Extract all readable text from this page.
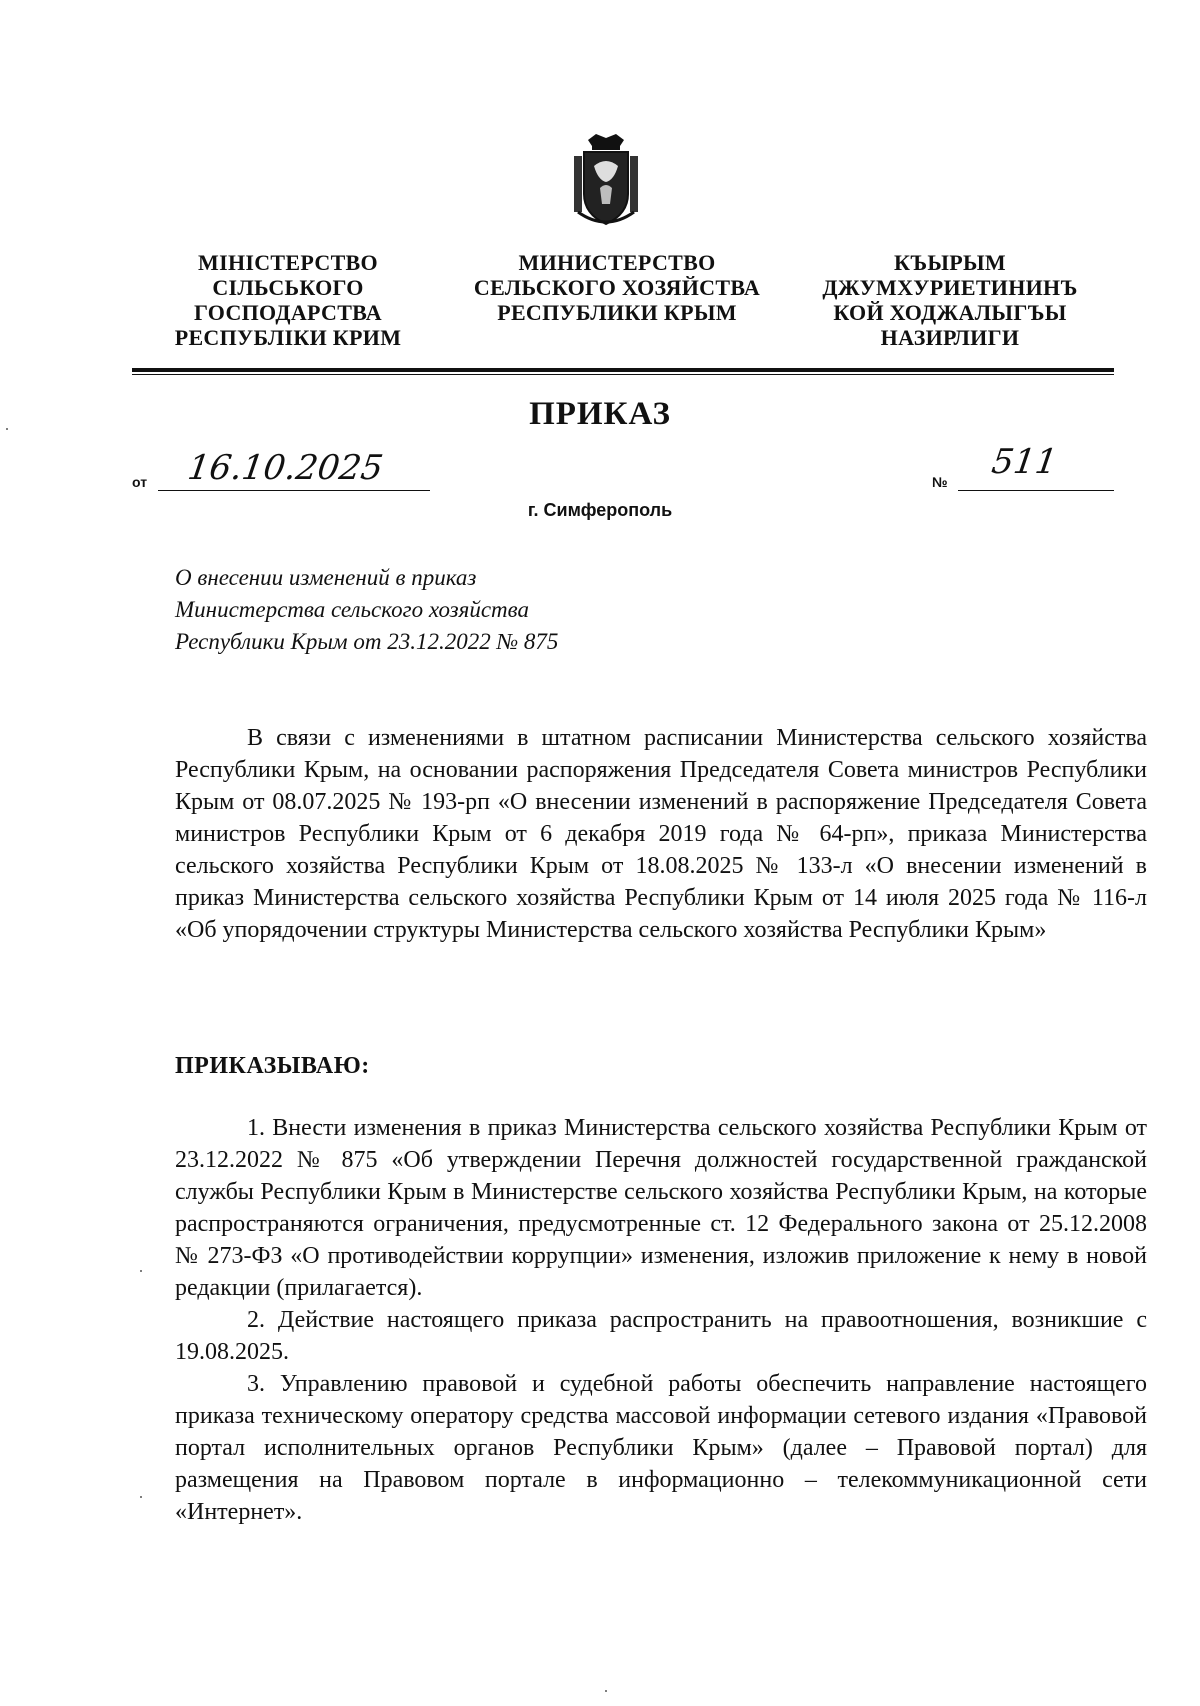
МІНІСТЕРСТВО
СІЛЬСЬКОГО
ГОСПОДАРСТВА
РЕСПУБЛІКИ КРИМ
МИНИСТЕРСТВО
СЕЛЬСКОГО ХОЗЯЙСТВА
РЕСПУБЛИКИ КРЫМ
КЪЫРЫМ
ДЖУМХУРИЕТИНИНЪ
КОЙ ХОДЖАЛЫГЪЫ
НАЗИРЛИГИ
ПРИКАЗ
от 16.10.2025	№ 511
г. Симферополь
О внесении изменений в приказ
Министерства сельского хозяйства
Республики Крым от 23.12.2022 № 875

В связи с изменениями в штатном расписании Министерства сельского хозяйства Республики Крым, на основании распоряжения Председателя Совета министров Республики Крым от 08.07.2025 № 193-рп «О внесении изменений в распоряжение Председателя Совета министров Республики Крым от 6 декабря 2019 года № 64-рп», приказа Министерства сельского хозяйства Республики Крым от 18.08.2025 № 133-л «О внесении изменений в приказ Министерства сельского хозяйства Республики Крым от 14 июля 2025 года № 116-л «Об упорядочении структуры Министерства сельского хозяйства Республики Крым»

ПРИКАЗЫВАЮ:

1. Внести изменения в приказ Министерства сельского хозяйства Республики Крым от 23.12.2022 № 875 «Об утверждении Перечня должностей государственной гражданской службы Республики Крым в Министерстве сельского хозяйства Республики Крым, на которые распространяются ограничения, предусмотренные ст. 12 Федерального закона от 25.12.2008 № 273-ФЗ «О противодействии коррупции» изменения, изложив приложение к нему в новой редакции (прилагается).

2. Действие настоящего приказа распространить на правоотношения, возникшие с 19.08.2025.

3. Управлению правовой и судебной работы обеспечить направление настоящего приказа техническому оператору средства массовой информации сетевого издания «Правовой портал исполнительных органов Республики Крым» (далее – Правовой портал) для размещения на Правовом портале в информационно – телекоммуникационной сети «Интернет».
